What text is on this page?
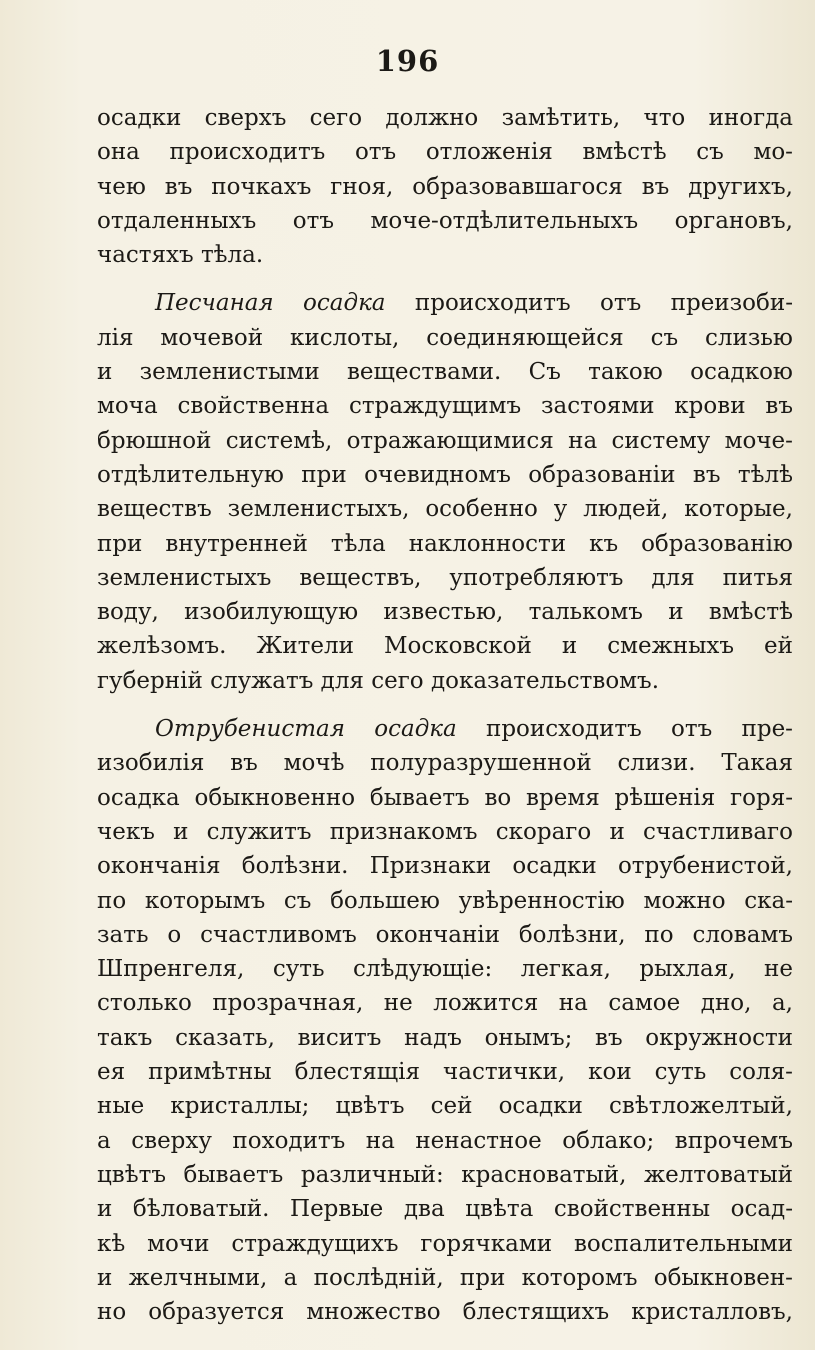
196
осадки сверхъ сего должно замѣтить, что иногда
она происходитъ отъ отложенія вмѣстѣ съ мо-
чею въ почкахъ гноя, образовавшагося въ другихъ,
отдаленныхъ отъ моче-отдѣлительныхъ органовъ,
частяхъ тѣла.
Песчаная осадка происходитъ отъ преизоби-
лія мочевой кислоты, соединяющейся съ слизью
и земленистыми веществами. Съ такою осадкою
моча свойственна страждущимъ застоями крови въ
брюшной системѣ, отражающимися на систему моче-
отдѣлительную при очевидномъ образованіи въ тѣлѣ
веществъ земленистыхъ, особенно у людей, которые,
при внутренней тѣла наклонности къ образованію
земленистыхъ веществъ, употребляютъ для питья
воду, изобилующую известью, талькомъ и вмѣстѣ
желѣзомъ. Жители Московской и смежныхъ ей
губерній служатъ для сего доказательствомъ.
Отрубенистая осадка происходитъ отъ пре-
изобилія въ мочѣ полуразрушенной слизи. Такая
осадка обыкновенно бываетъ во время рѣшенія горя-
чекъ и служитъ признакомъ скораго и счастливаго
окончанія болѣзни. Признаки осадки отрубенистой,
по которымъ съ большею увѣренностію можно ска-
зать о счастливомъ окончаніи болѣзни, по словамъ
Шпренгеля, суть слѣдующіе: легкая, рыхлая, не
столько прозрачная, не ложится на самое дно, а,
такъ сказать, виситъ надъ онымъ; въ окружности
ея примѣтны блестящія частички, кои суть соля-
ные кристаллы; цвѣтъ сей осадки свѣтложелтый,
а сверху походитъ на ненастное облако; впрочемъ
цвѣтъ бываетъ различный: красноватый, желтоватый
и бѣловатый. Первые два цвѣта свойственны осад-
кѣ мочи страждущихъ горячками воспалительными
и желчными, а послѣдній, при которомъ обыкновен-
но образуется множество блестящихъ кристалловъ,
